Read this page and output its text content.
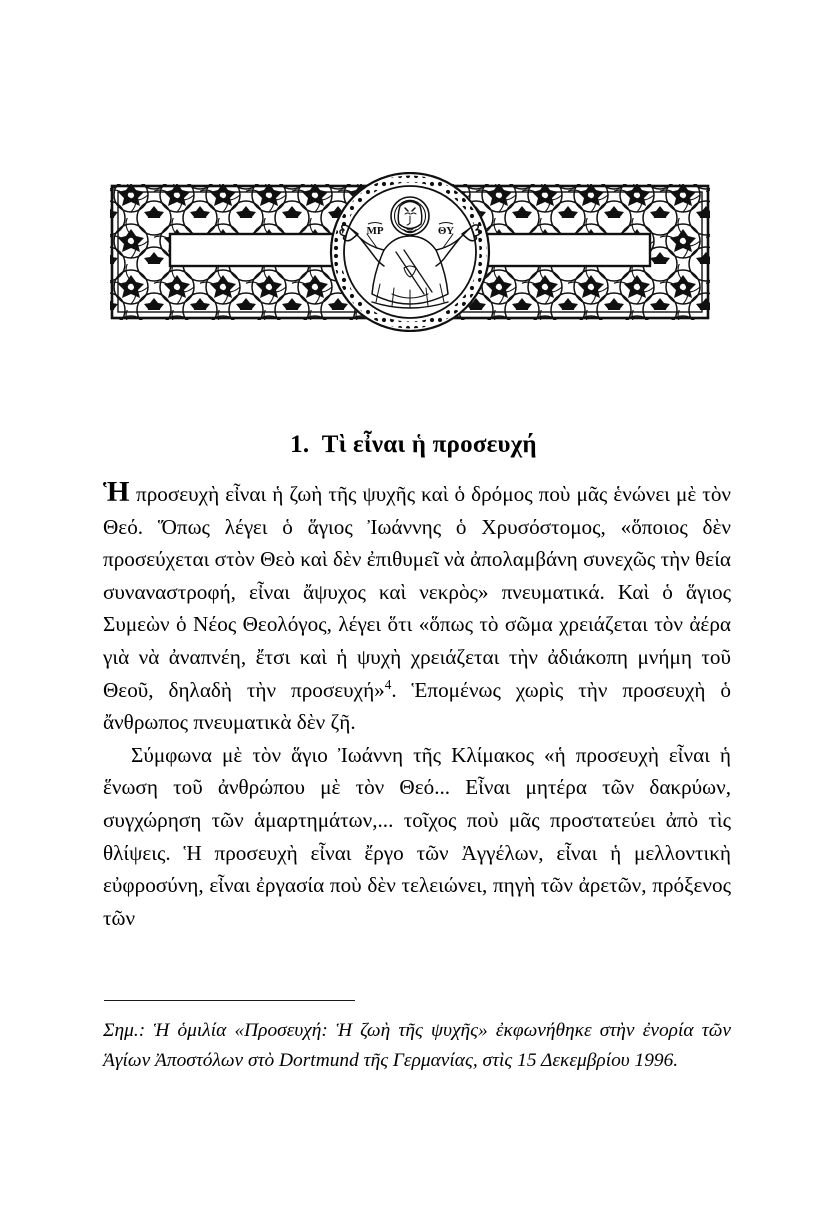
ΜΡ	ΘΥ
1.  Τὶ εἶναι ἡ προσευχή

Ἡ προσευχὴ εἶναι ἡ ζωὴ τῆς ψυχῆς καὶ ὁ δρόμος ποὺ μᾶς ἑνώνει μὲ τὸν Θεό. Ὅπως λέγει ὁ ἅγιος Ἰωάννης ὁ Χρυσόστομος, «ὅποιος δὲν προσεύχεται στὸν Θεὸ καὶ δὲν ἐπιθυμεῖ νὰ ἀπολαμβάνη συνεχῶς τὴν θεία συναναστροφή, εἶναι ἄψυχος καὶ νεκρὸς» πνευματικά. Καὶ ὁ ἅγιος Συμεὼν ὁ Νέος Θεολόγος, λέγει ὅτι «ὅπως τὸ σῶμα χρειάζεται τὸν ἀέρα γιὰ νὰ ἀναπνέη, ἔτσι καὶ ἡ ψυχὴ χρειάζεται τὴν ἀδιάκοπη μνήμη τοῦ Θεοῦ, δηλαδὴ τὴν προσευχή»$^4$. Ἑπομένως χωρὶς τὴν προσευχὴ ὁ ἄνθρωπος πνευματικὰ δὲν ζῆ.

Σύμφωνα μὲ τὸν ἅγιο Ἰωάννη τῆς Κλίμακος «ἡ προσευχὴ εἶναι ἡ ἕνωση τοῦ ἀνθρώπου μὲ τὸν Θεό... Εἶναι μητέρα τῶν δακρύων, συγχώρηση τῶν ἁμαρτημάτων,... τοῖχος ποὺ μᾶς προστατεύει ἀπὸ τὶς θλίψεις. Ἡ προσευχὴ εἶναι ἔργο τῶν Ἀγγέλων, εἶναι ἡ μελλοντικὴ εὐφροσύνη, εἶναι ἐργασία ποὺ δὲν τελειώνει, πηγὴ τῶν ἀρετῶν, πρόξενος τῶν

Σημ.: Ἡ ὁμιλία «Προσευχή: Ἡ ζωὴ τῆς ψυχῆς» ἐκφωνήθηκε στὴν ἐνορία τῶν Ἁγίων Ἀποστόλων στὸ Dortmund τῆς Γερμανίας, στὶς 15 Δεκεμβρίου 1996.
